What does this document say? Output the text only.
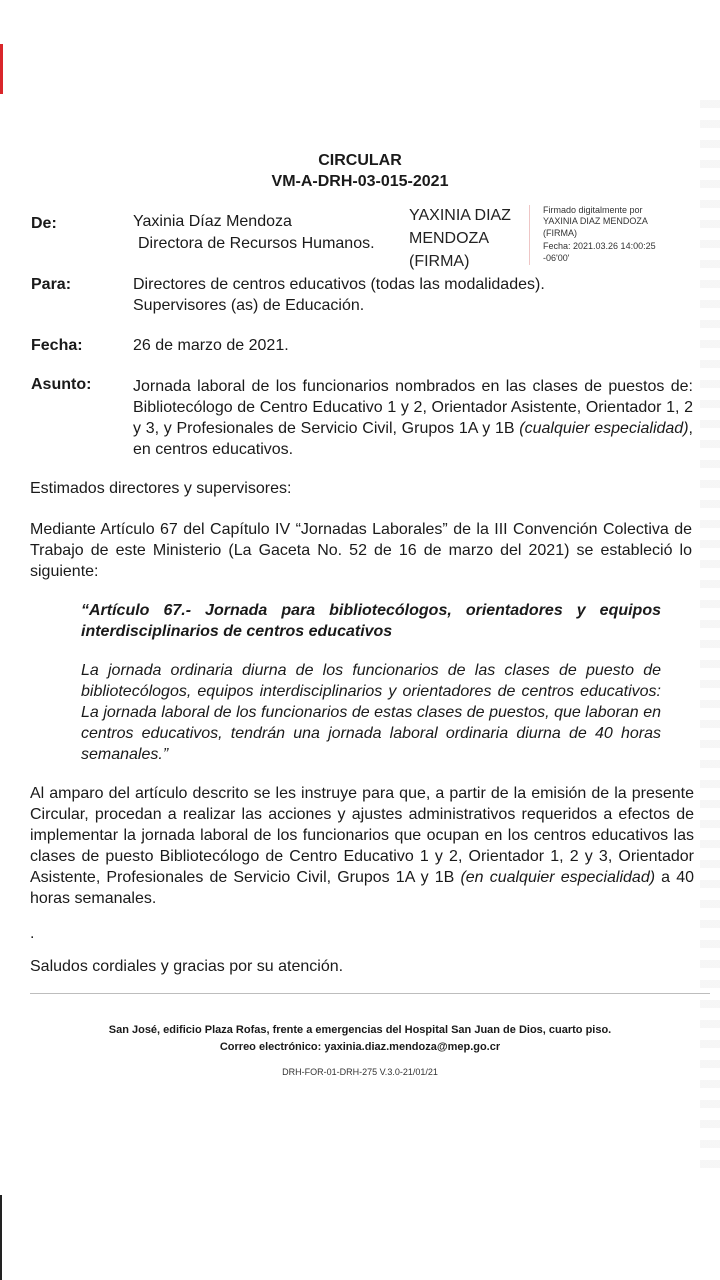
CIRCULAR
VM-A-DRH-03-015-2021
De:	Yaxinia Díaz Mendoza
Directora de Recursos Humanos.
YAXINIA DIAZ
MENDOZA
(FIRMA)
Firmado digitalmente por
YAXINIA DIAZ MENDOZA
(FIRMA)
Fecha: 2021.03.26 14:00:25
-06'00'
Para:	Directores de centros educativos (todas las modalidades).
Supervisores (as) de Educación.
Fecha:	26 de marzo de 2021.
Asunto:	Jornada laboral de los funcionarios nombrados en las clases de puestos de: Bibliotecólogo de Centro Educativo 1 y 2, Orientador Asistente, Orientador 1, 2 y 3, y Profesionales de Servicio Civil, Grupos 1A y 1B (cualquier especialidad), en centros educativos.
Estimados directores y supervisores:
Mediante Artículo 67 del Capítulo IV “Jornadas Laborales” de la III Convención Colectiva de Trabajo de este Ministerio (La Gaceta No. 52 de 16 de marzo del 2021) se estableció lo siguiente:
“Artículo 67.- Jornada para bibliotecólogos, orientadores y equipos interdisciplinarios de centros educativos
La jornada ordinaria diurna de los funcionarios de las clases de puesto de bibliotecólogos, equipos interdisciplinarios y orientadores de centros educativos: La jornada laboral de los funcionarios de estas clases de puestos, que laboran en centros educativos, tendrán una jornada laboral ordinaria diurna de 40 horas semanales.”
Al amparo del artículo descrito se les instruye para que, a partir de la emisión de la presente Circular, procedan a realizar las acciones y ajustes administrativos requeridos a efectos de implementar la jornada laboral de los funcionarios que ocupan en los centros educativos las clases de puesto Bibliotecólogo de Centro Educativo 1 y 2, Orientador 1, 2 y 3, Orientador Asistente, Profesionales de Servicio Civil, Grupos 1A y 1B (en cualquier especialidad) a 40 horas semanales.
.
Saludos cordiales y gracias por su atención.
San José, edificio Plaza Rofas, frente a emergencias del Hospital San Juan de Dios, cuarto piso.
Correo electrónico: yaxinia.diaz.mendoza@mep.go.cr
DRH-FOR-01-DRH-275 V.3.0-21/01/21
